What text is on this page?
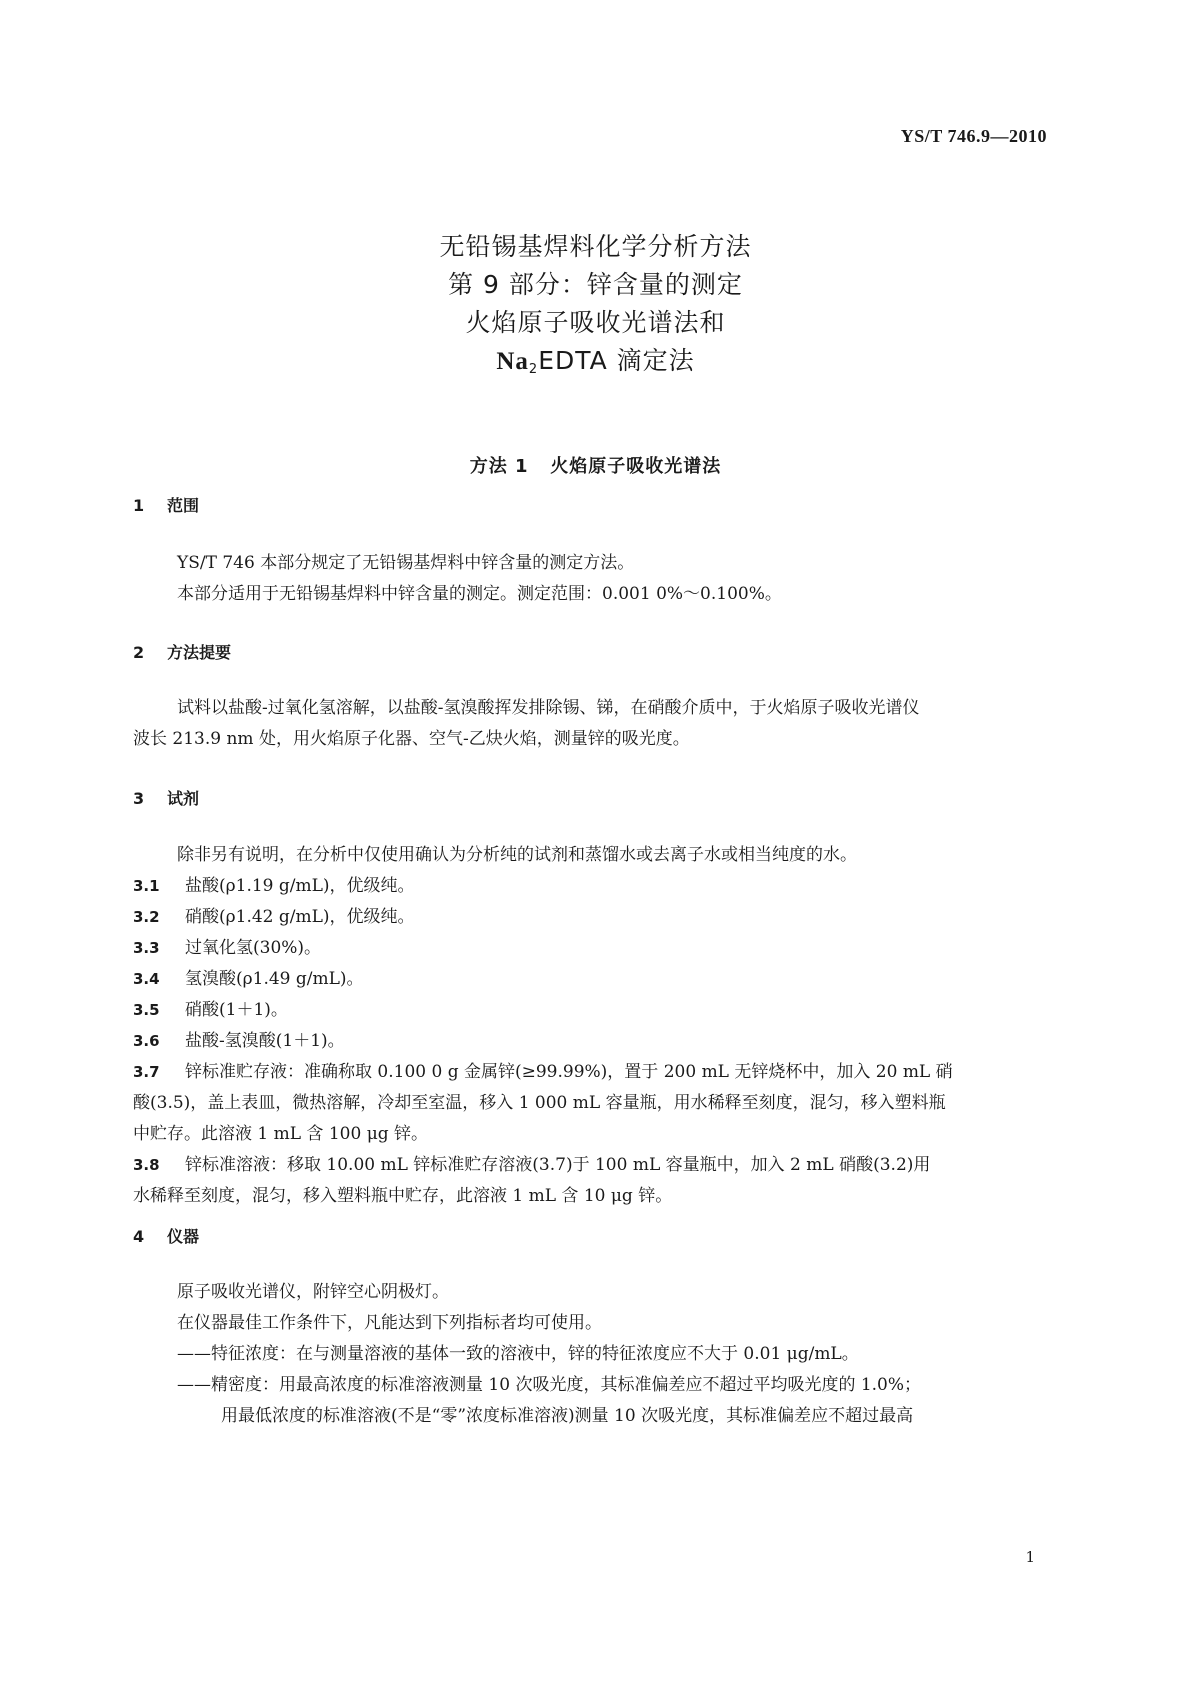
YS/T 746.9—2010
无铅锡基焊料化学分析方法
第 9 部分：锌含量的测定
火焰原子吸收光谱法和
$Na_2EDTA$ 滴定法
方法 1   火焰原子吸收光谱法
1 范围
YS/T 746 本部分规定了无铅锡基焊料中锌含量的测定方法。
本部分适用于无铅锡基焊料中锌含量的测定。测定范围：0.001 0%～0.100%。
2 方法提要
试料以盐酸-过氧化氢溶解，以盐酸-氢溴酸挥发排除锡、锑，在硝酸介质中，于火焰原子吸收光谱仪
波长 213.9 nm 处，用火焰原子化器、空气-乙炔火焰，测量锌的吸光度。
3 试剂
除非另有说明，在分析中仅使用确认为分析纯的试剂和蒸馏水或去离子水或相当纯度的水。
3.1 盐酸(ρ1.19 g/mL)，优级纯。
3.2 硝酸(ρ1.42 g/mL)，优级纯。
3.3 过氧化氢(30%)。
3.4 氢溴酸(ρ1.49 g/mL)。
3.5 硝酸(1＋1)。
3.6 盐酸-氢溴酸(1＋1)。
3.7 锌标准贮存液：准确称取 0.100 0 g 金属锌(≥99.99%)，置于 200 mL 无锌烧杯中，加入 20 mL 硝
酸(3.5)，盖上表皿，微热溶解，冷却至室温，移入 1 000 mL 容量瓶，用水稀释至刻度，混匀，移入塑料瓶
中贮存。此溶液 1 mL 含 100 μg 锌。
3.8 锌标准溶液：移取 10.00 mL 锌标准贮存溶液(3.7)于 100 mL 容量瓶中，加入 2 mL 硝酸(3.2)用
水稀释至刻度，混匀，移入塑料瓶中贮存，此溶液 1 mL 含 10 μg 锌。
4 仪器
原子吸收光谱仪，附锌空心阴极灯。
在仪器最佳工作条件下，凡能达到下列指标者均可使用。
——特征浓度：在与测量溶液的基体一致的溶液中，锌的特征浓度应不大于 0.01 μg/mL。
——精密度：用最高浓度的标准溶液测量 10 次吸光度，其标准偏差应不超过平均吸光度的 1.0%；
用最低浓度的标准溶液(不是“零”浓度标准溶液)测量 10 次吸光度，其标准偏差应不超过最高
1
